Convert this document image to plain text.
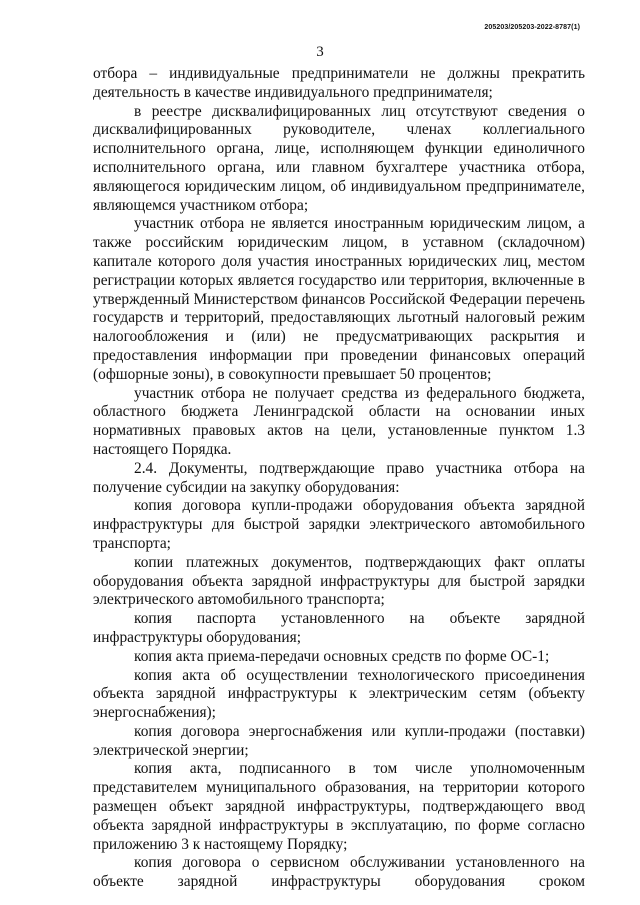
205203/205203-2022-8787(1)
3

отбора – индивидуальные предприниматели не должны прекратить деятельность в качестве индивидуального предпринимателя;

в реестре дисквалифицированных лиц отсутствуют сведения о дисквалифицированных руководителе, членах коллегиального исполнительного органа, лице, исполняющем функции единоличного исполнительного органа, или главном бухгалтере участника отбора, являющегося юридическим лицом, об индивидуальном предпринимателе, являющемся участником отбора;

участник отбора не является иностранным юридическим лицом, а также российским юридическим лицом, в уставном (складочном) капитале которого доля участия иностранных юридических лиц, местом регистрации которых является государство или территория, включенные в утвержденный Министерством финансов Российской Федерации перечень государств и территорий, предоставляющих льготный налоговый режим налогообложения и (или) не предусматривающих раскрытия и предоставления информации при проведении финансовых операций (офшорные зоны), в совокупности превышает 50 процентов;

участник отбора не получает средства из федерального бюджета, областного бюджета Ленинградской области на основании иных нормативных правовых актов на цели, установленные пунктом 1.3 настоящего Порядка.

2.4. Документы, подтверждающие право участника отбора на получение субсидии на закупку оборудования:

копия договора купли-продажи оборудования объекта зарядной инфраструктуры для быстрой зарядки электрического автомобильного транспорта;

копии платежных документов, подтверждающих факт оплаты оборудования объекта зарядной инфраструктуры для быстрой зарядки электрического автомобильного транспорта;

копия паспорта установленного на объекте зарядной инфраструктуры оборудования;

копия акта приема-передачи основных средств по форме ОС-1;

копия акта об осуществлении технологического присоединения объекта зарядной инфраструктуры к электрическим сетям (объекту энергоснабжения);

копия договора энергоснабжения или купли-продажи (поставки) электрической энергии;

копия акта, подписанного в том числе уполномоченным представителем муниципального образования, на территории которого размещен объект зарядной инфраструктуры, подтверждающего ввод объекта зарядной инфраструктуры в эксплуатацию, по форме согласно приложению 3 к настоящему Порядку;

копия договора о сервисном обслуживании установленного на объекте зарядной инфраструктуры оборудования сроком
